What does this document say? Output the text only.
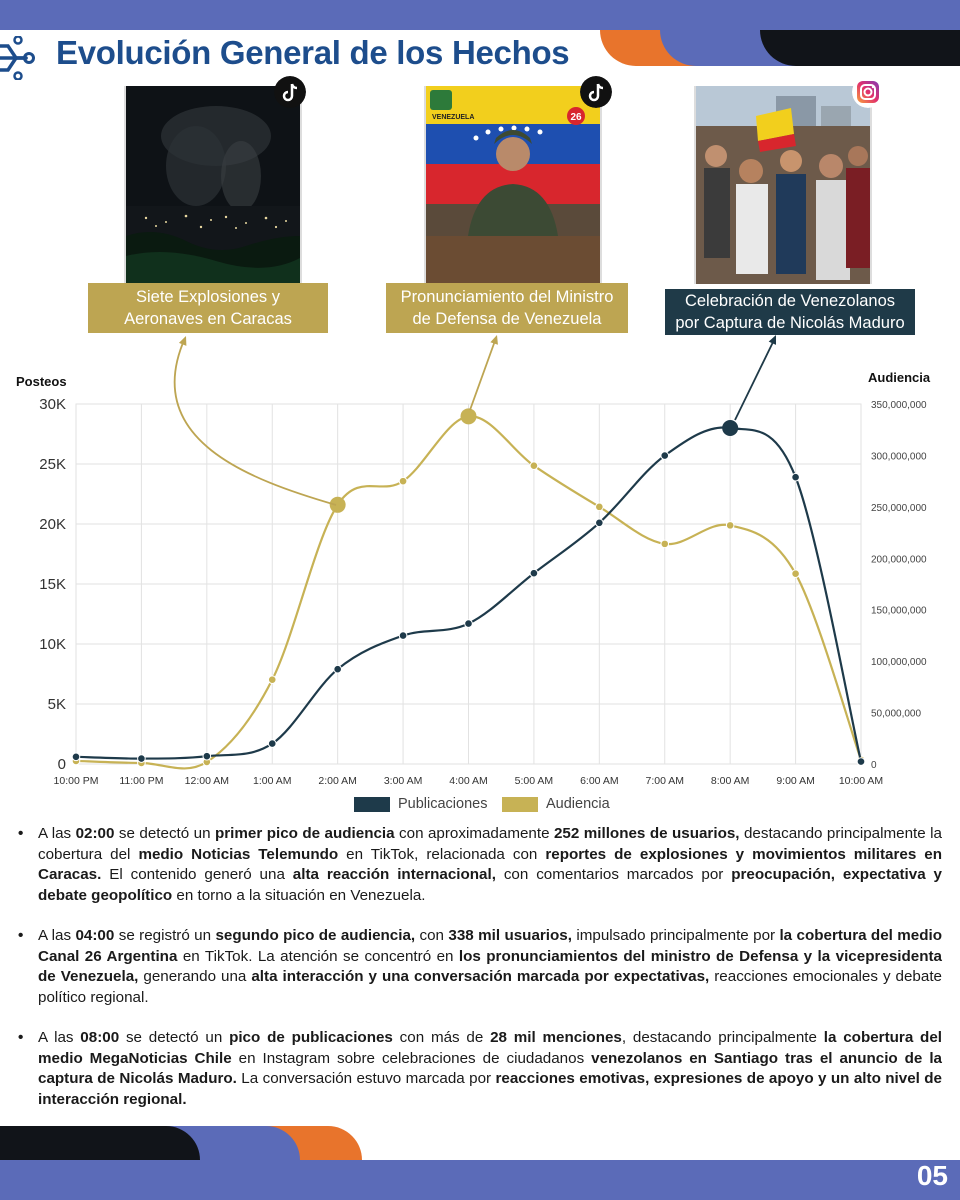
Evolución General de los Hechos
VENEZUELA	26
Siete Explosiones y
Aeronaves en Caracas
Pronunciamiento del Ministro
de Defensa de Venezuela
Celebración de Venezolanos
por Captura de Nicolás Maduro
Posteos	Audiencia
10:00 PM 11:00 PM 12:00 AM 1:00 AM	2:00 AM	3:00 AM	4:00 AM	5:00 AM	6:00 AM	7:00 AM	8:00 AM	9:00 AM 10:00 AM
0
5K
10K
15K
20K
25K
30K
0
50,000,000
100,000,000
150,000,000
200,000,000
250,000,000
300,000,000
350,000,000
Publicaciones	Audiencia
• A las 02:00 se detectó un primer pico de audiencia con aproximadamente 252 millones de usuarios, destacando principalmente la cobertura del medio Noticias Telemundo en TikTok, relacionada con reportes de explosiones y movimientos militares en Caracas. El contenido generó una alta reacción internacional, con comentarios marcados por preocupación, expectativa y debate geopolítico en torno a la situación en Venezuela.
• A las 04:00 se registró un segundo pico de audiencia, con 338 mil usuarios, impulsado principalmente por la cobertura del medio Canal 26 Argentina en TikTok. La atención se concentró en los pronunciamientos del ministro de Defensa y la vicepresidenta de Venezuela, generando una alta interacción y una conversación marcada por expectativas, reacciones emocionales y debate político regional.
• A las 08:00 se detectó un pico de publicaciones con más de 28 mil menciones, destacando principalmente la cobertura del medio MegaNoticias Chile en Instagram sobre celebraciones de ciudadanos venezolanos en Santiago tras el anuncio de la captura de Nicolás Maduro. La conversación estuvo marcada por reacciones emotivas, expresiones de apoyo y un alto nivel de interacción regional.
05
